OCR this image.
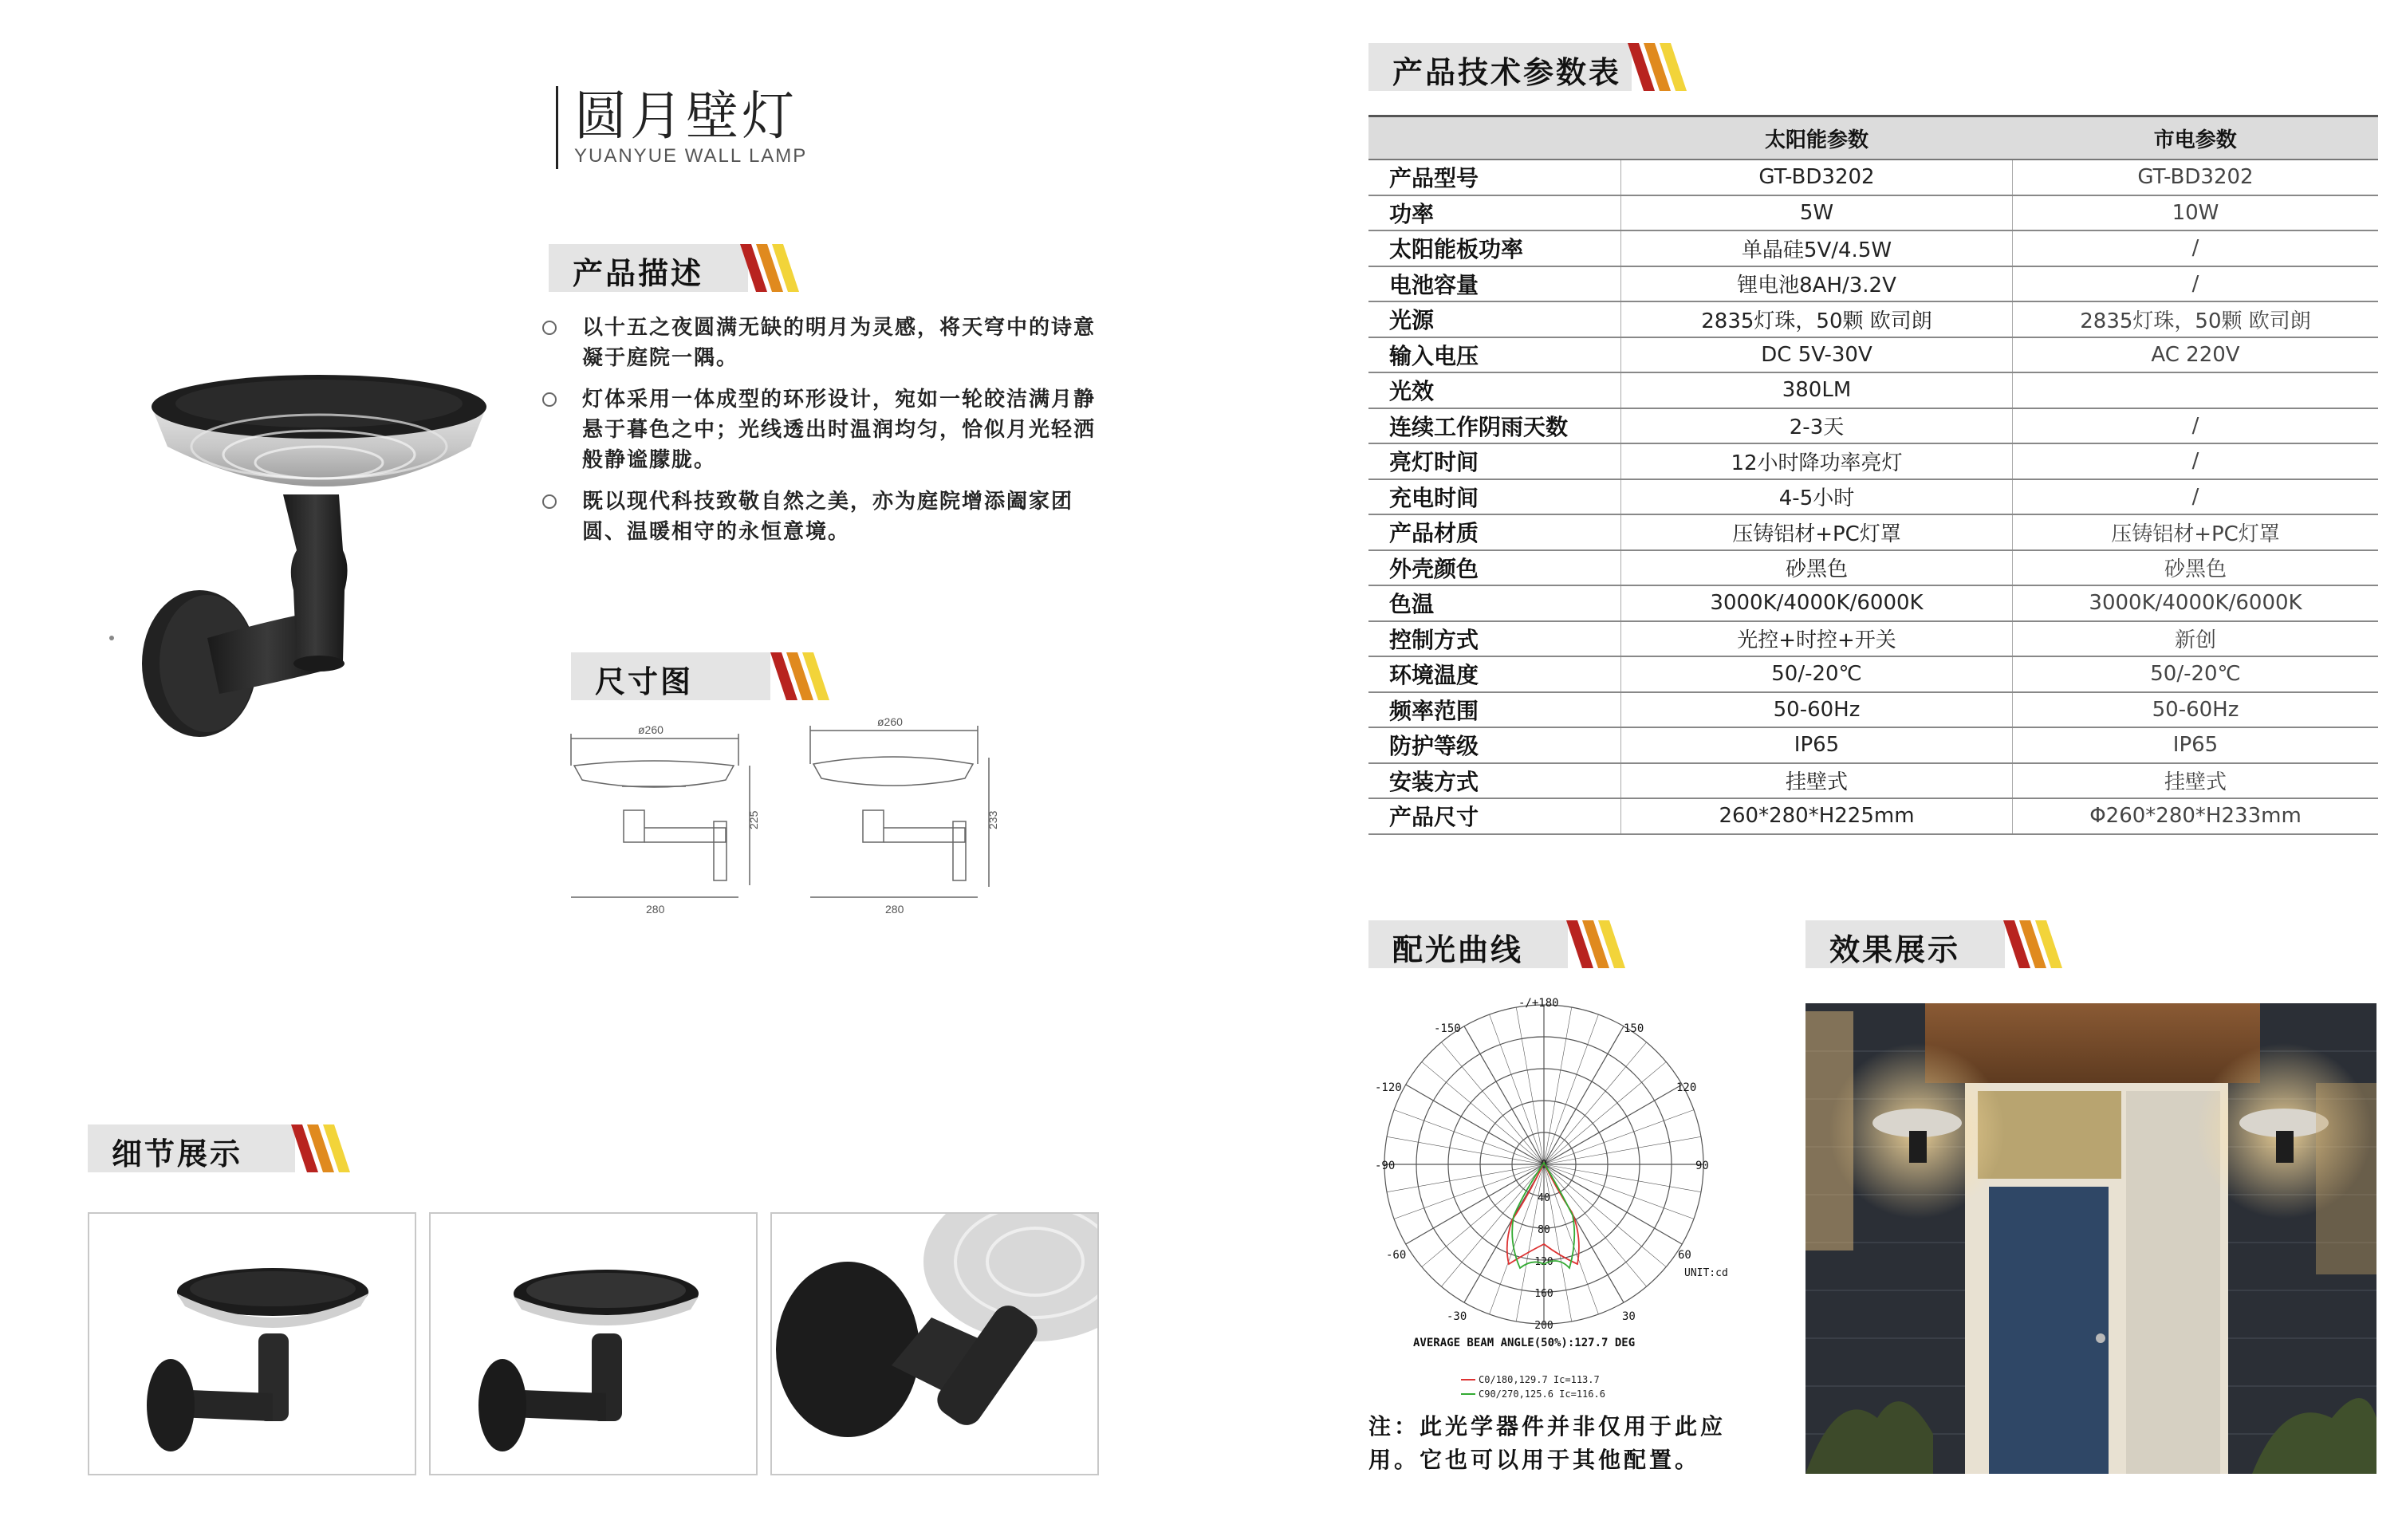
圆月壁灯
YUANYUE WALL LAMP
产品描述
尺寸图
细节展示
产品技术参数表
配光曲线	效果展示
以十五之夜圆满无缺的明月为灵感，将天穹中的诗意凝于庭院一隅。
灯体采用一体成型的环形设计，宛如一轮皎洁满月静悬于暮色之中；光线透出时温润均匀，恰似月光轻洒般静谧朦胧。
既以现代科技致敬自然之美，亦为庭院增添阖家团圆、温暖相守的永恒意境。
ø260
225
280
ø260
233
280
	太阳能参数	市电参数
产品型号	GT-BD3202	GT-BD3202
功率	5W	10W
太阳能板功率	单晶硅5V/4.5W	/
电池容量	锂电池8AH/3.2V	/
光源	2835灯珠，50颗 欧司朗	2835灯珠，50颗 欧司朗
输入电压	DC 5V-30V	AC 220V
光效	380LM	
连续工作阴雨天数	2-3天	/
亮灯时间	12小时降功率亮灯	/
充电时间	4-5小时	/
产品材质	压铸铝材+PC灯罩	压铸铝材+PC灯罩
外壳颜色	砂黑色	砂黑色
色温	3000K/4000K/6000K	3000K/4000K/6000K
控制方式	光控+时控+开关	新创
环境温度	50/-20℃	50/-20℃
频率范围	50-60Hz	50-60Hz
防护等级	IP65	IP65
安装方式	挂壁式	挂壁式
产品尺寸	260*280*H225mm	Φ260*280*H233mm
-/+180
-150	150
-120	120
-90	90
-60	60
-30	30
UNIT:cd
0
40
80
120
160
200
AVERAGE BEAM ANGLE(50%):127.7 DEG
C0/180,129.7 Ic=113.7
C90/270,125.6 Ic=116.6
注：此光学器件并非仅用于此应用。它也可以用于其他配置。
